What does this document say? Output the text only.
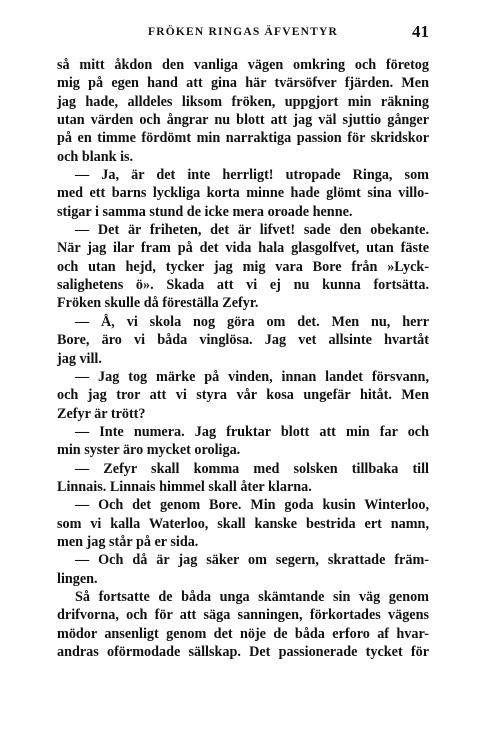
FRÖKEN RINGAS ÄFVENTYR	41
så mitt åkdon den vanliga vägen omkring och företog
mig på egen hand att gina här tvärsöfver fjärden. Men
jag hade, alldeles liksom fröken, uppgjort min räkning
utan värden och ångrar nu blott att jag väl sjuttio gånger
på en timme fördömt min narraktiga passion för skridskor
och blank is.
— Ja, är det inte herrligt! utropade Ringa, som
med ett barns lyckliga korta minne hade glömt sina villo-
stigar i samma stund de icke mera oroade henne.
— Det är friheten, det är lifvet! sade den obekante.
När jag ilar fram på det vida hala glasgolfvet, utan fäste
och utan hejd, tycker jag mig vara Bore från »Lyck-
salighetens ö». Skada att vi ej nu kunna fortsätta.
Fröken skulle då föreställa Zefyr.
— Å, vi skola nog göra om det. Men nu, herr
Bore, äro vi båda vinglösa. Jag vet allsinte hvartåt
jag vill.
— Jag tog märke på vinden, innan landet försvann,
och jag tror att vi styra vår kosa ungefär hitåt. Men
Zefyr är trött?
— Inte numera. Jag fruktar blott att min far och
min syster äro mycket oroliga.
— Zefyr skall komma med solsken tillbaka till
Linnais. Linnais himmel skall åter klarna.
— Och det genom Bore. Min goda kusin Winterloo,
som vi kalla Waterloo, skall kanske bestrida ert namn,
men jag står på er sida.
— Och då är jag säker om segern, skrattade främ-
lingen.
Så fortsatte de båda unga skämtande sin väg genom
drifvorna, och för att säga sanningen, förkortades vägens
mödor ansenligt genom det nöje de båda erforo af hvar-
andras oförmodade sällskap. Det passionerade tycket för
